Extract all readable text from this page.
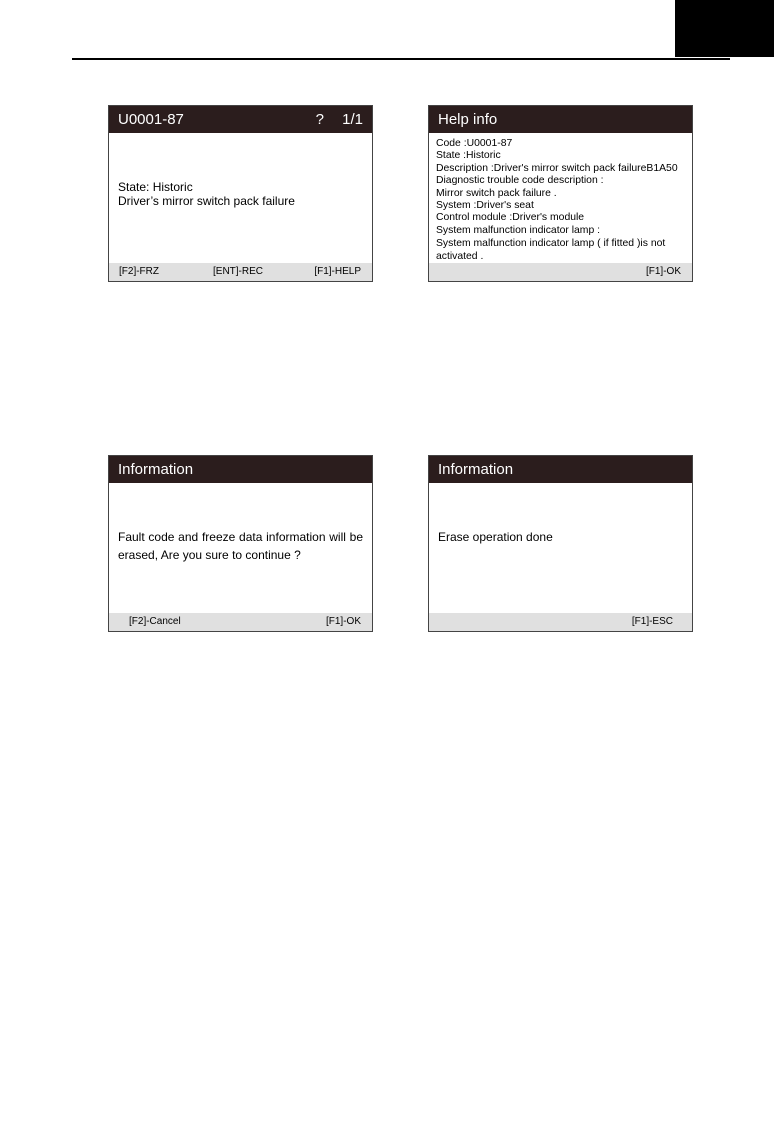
U0001-87	? 1/1
State: Historic
Driver’s mirror switch pack failure
[F2]-FRZ	[ENT]-REC	[F1]-HELP
Help info
Code :U0001-87
State :Historic
Description :Driver's mirror switch pack failureB1A50
Diagnostic trouble code description :
Mirror switch pack failure .
System :Driver's seat
Control module :Driver's module
System malfunction indicator lamp :
System malfunction indicator lamp ( if fitted )is not activated .
[F1]-OK
Information
Fault code and freeze data information will be erased, Are you sure to continue ?
[F2]-Cancel	[F1]-OK
Information
Erase operation done
[F1]-ESC
